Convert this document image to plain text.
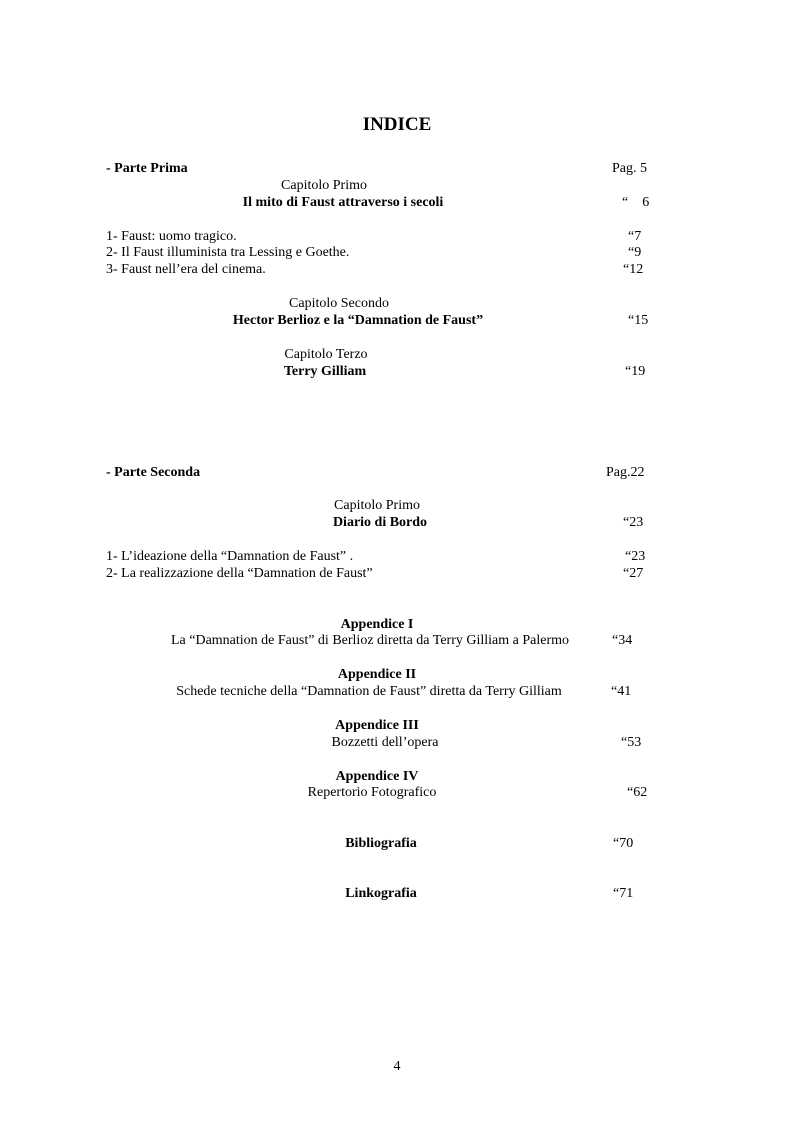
INDICE
- Parte Prima	Pag. 5
Capitolo Primo
Il mito di Faust attraverso i secoli	“    6
1- Faust: uomo tragico.	“7
2- Il Faust illuminista tra Lessing e Goethe.	“9
3- Faust nell’era del cinema.	“12
Capitolo Secondo
Hector Berlioz e la “Damnation de Faust”	“15
Capitolo Terzo
Terry Gilliam	“19
- Parte Seconda	Pag.22
Capitolo Primo
Diario di Bordo	“23
1- L’ideazione della “Damnation de Faust” .	“23
2- La realizzazione della “Damnation de Faust”	“27
Appendice I
La “Damnation de Faust” di Berlioz diretta da Terry Gilliam a Palermo	“34
Appendice II
Schede tecniche della “Damnation de Faust” diretta da Terry Gilliam	“41
Appendice III
Bozzetti dell’opera	“53
Appendice IV
Repertorio Fotografico	“62
Bibliografia	“70
Linkografia	“71
4
